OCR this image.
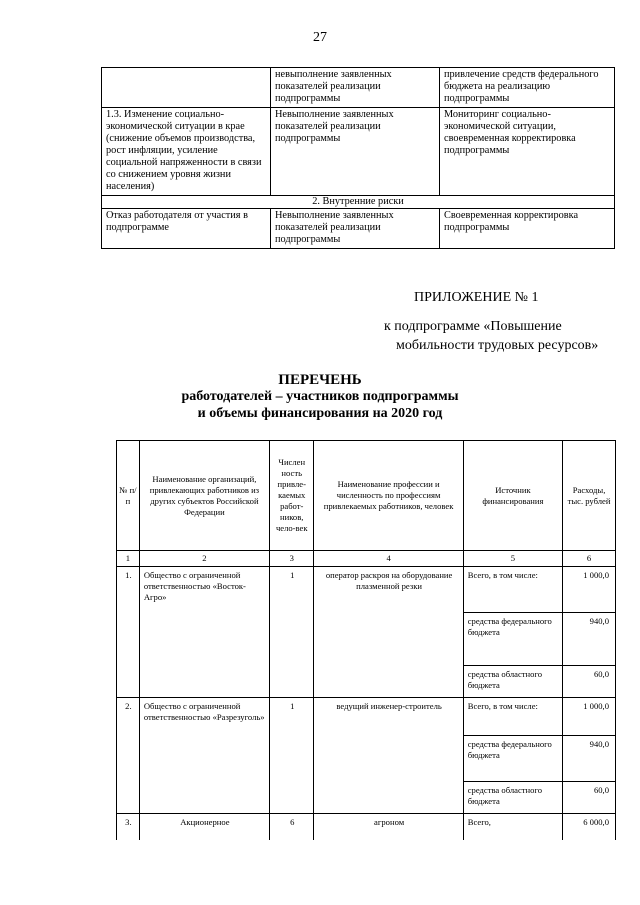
27
	невыполнение заявленных показателей реализации подпрограммы	привлечение средств федерального бюджета на реализацию подпрограммы
1.3. Изменение социально-экономической ситуации в крае (снижение объемов производства, рост инфляции, усиление социальной напряженности в связи со снижением уровня жизни населения)	Невыполнение заявленных показателей реализации подпрограммы	Мониторинг социально-экономической ситуации, своевременная корректировка подпрограммы
2. Внутренние риски		
Отказ работодателя от участия в подпрограмме	Невыполнение заявленных показателей реализации подпрограммы	Своевременная корректировка подпрограммы
ПРИЛОЖЕНИЕ № 1
к подпрограмме «Повышение
мобильности трудовых ресурсов»
ПЕРЕЧЕНЬ
работодателей – участников подпрограммы
и объемы финансирования на 2020 год
№ п/п	Наименование организаций, привлекающих работников из других субъектов Российской Федерации	Числен ность привле-каемых работ-ников, чело-век	Наименование профессии и численность по профессиям привлекаемых работников, человек	Источник финансирования	Расходы, тыс. рублей
1	2	3	4	5	6
1.	Общество с ограниченной ответственностью «Восток-Агро»	1	оператор раскроя на оборудование плазменной резки	Всего, в том числе:	1 000,0
				средства федерального бюджета	940,0
				средства областного бюджета	60,0
2.	Общество с ограниченной ответственностью «Разрезуголь»	1	ведущий инженер-строитель	Всего, в том числе:	1 000,0
				средства федерального бюджета	940,0
				средства областного бюджета	60,0
3.	Акционерное	6	агроном	Всего,	6 000,0
